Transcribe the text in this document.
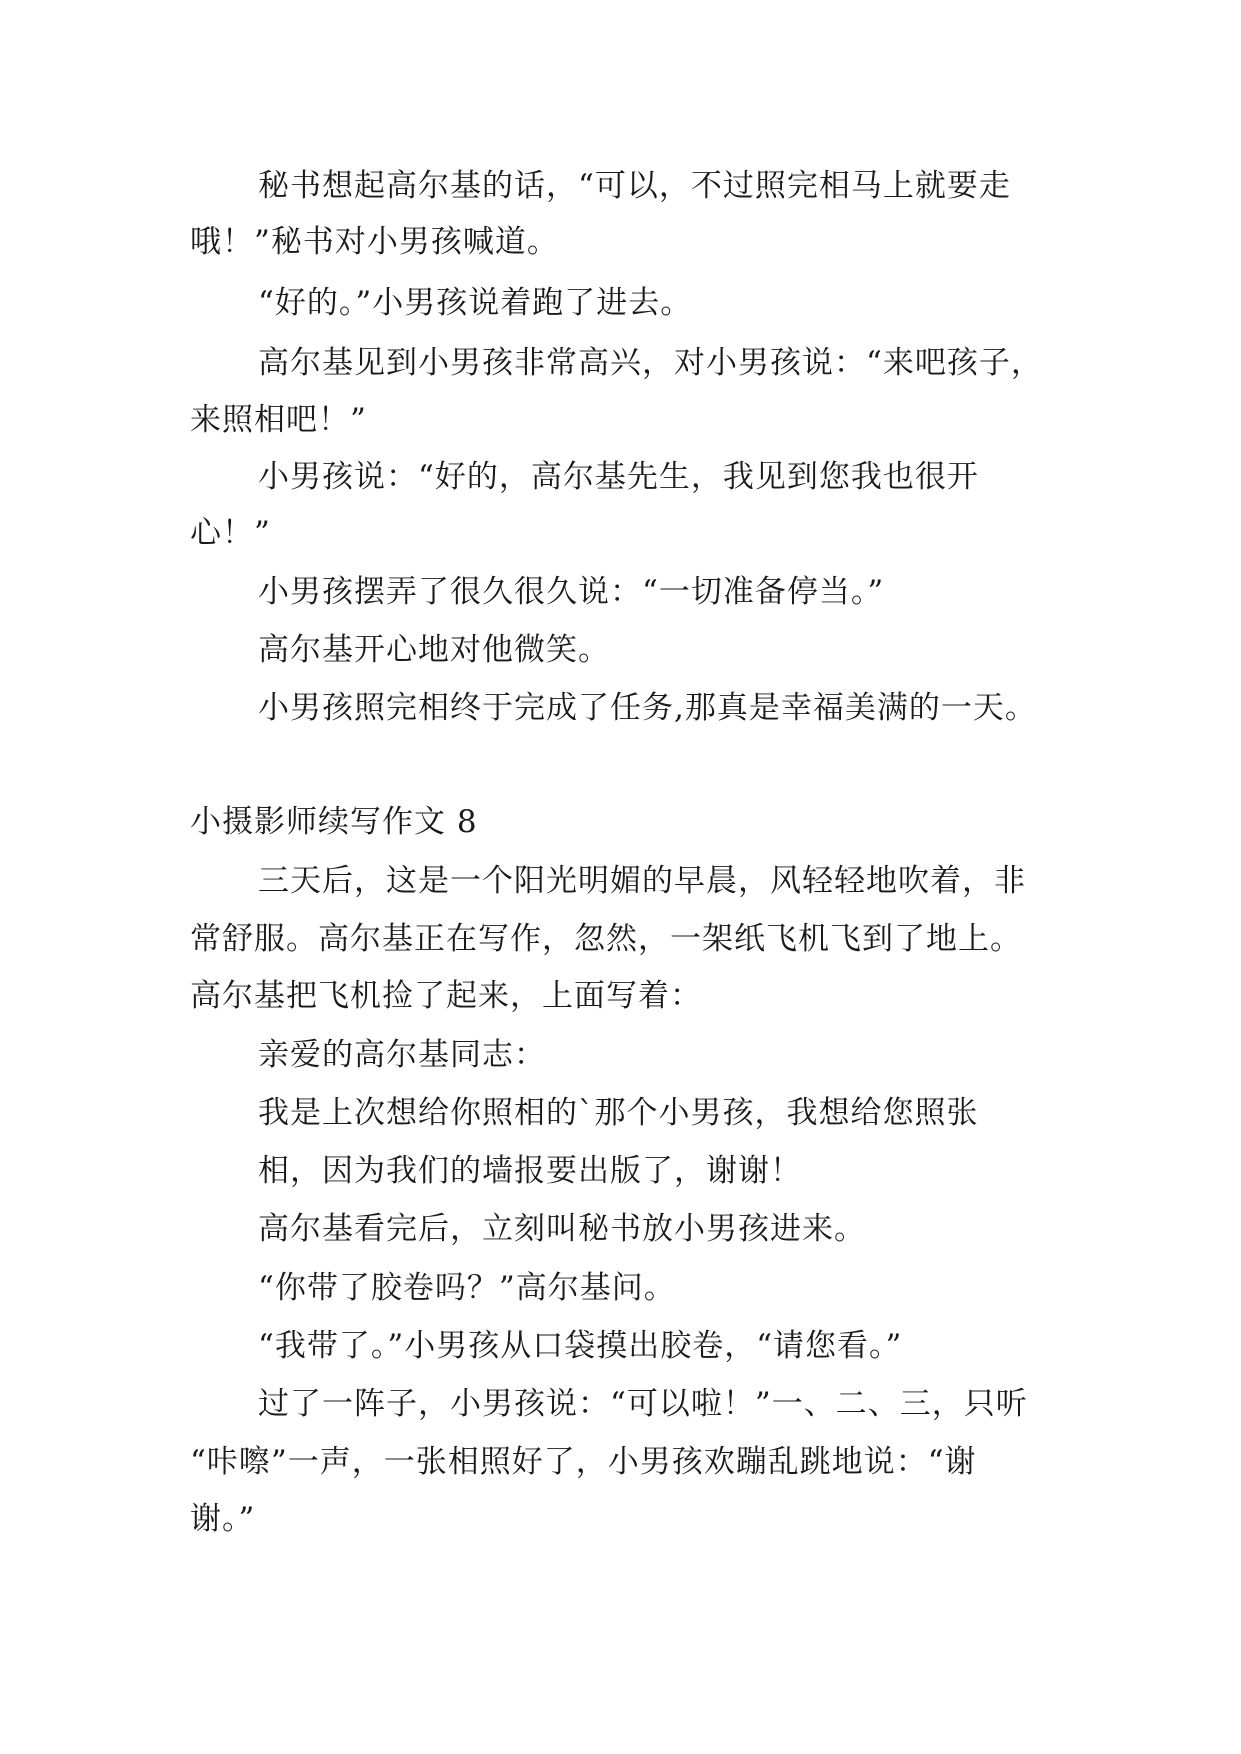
秘书想起高尔基的话，“可以，不过照完相马上就要走
哦！”秘书对小男孩喊道。
“好的。”小男孩说着跑了进去。
高尔基见到小男孩非常高兴，对小男孩说：“来吧孩子，
来照相吧！”
小男孩说：“好的，高尔基先生，我见到您我也很开
心！”
小男孩摆弄了很久很久说：“一切准备停当。”
高尔基开心地对他微笑。
小男孩照完相终于完成了任务,那真是幸福美满的一天。
小摄影师续写作文 8
三天后，这是一个阳光明媚的早晨，风轻轻地吹着，非
常舒服。高尔基正在写作，忽然，一架纸飞机飞到了地上。
高尔基把飞机捡了起来，上面写着：
亲爱的高尔基同志：
我是上次想给你照相的`那个小男孩，我想给您照张
相，因为我们的墙报要出版了，谢谢！
高尔基看完后，立刻叫秘书放小男孩进来。
“你带了胶卷吗？”高尔基问。
“我带了。”小男孩从口袋摸出胶卷，“请您看。”
过了一阵子，小男孩说：“可以啦！”一、二、三，只听
“咔嚓”一声，一张相照好了，小男孩欢蹦乱跳地说：“谢
谢。”
